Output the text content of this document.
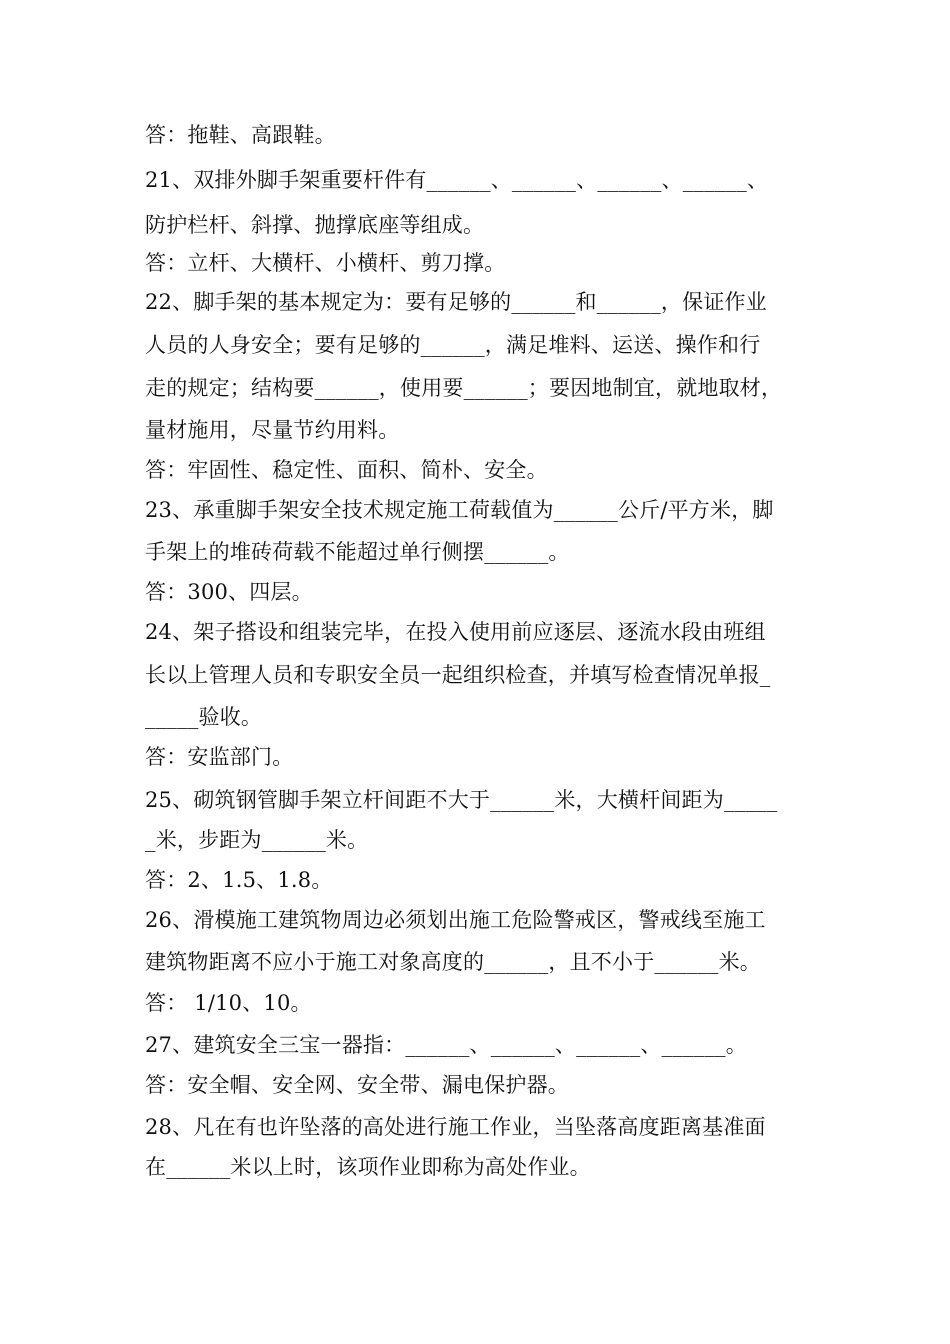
答：拖鞋、高跟鞋。
21、双排外脚手架重要杆件有______、______、______、______、
防护栏杆、斜撑、抛撑底座等组成。
答：立杆、大横杆、小横杆、剪刀撑。
22、脚手架的基本规定为：要有足够的______和______，保证作业
人员的人身安全；要有足够的______，满足堆料、运送、操作和行
走的规定；结构要______，使用要______；要因地制宜，就地取材，
量材施用，尽量节约用料。
答：牢固性、稳定性、面积、简朴、安全。
23、承重脚手架安全技术规定施工荷载值为______公斤/平方米，脚
手架上的堆砖荷载不能超过单行侧摆______。
答：300、四层。
24、架子搭设和组装完毕，在投入使用前应逐层、逐流水段由班组
长以上管理人员和专职安全员一起组织检查，并填写检查情况单报_
_____验收。
答：安监部门。
25、砌筑钢管脚手架立杆间距不大于______米，大横杆间距为_____
_米，步距为______米。
答：2、1.5、1.8。
26、滑模施工建筑物周边必须划出施工危险警戒区，警戒线至施工
建筑物距离不应小于施工对象高度的______，且不小于______米。
答： 1/10、10。
27、建筑安全三宝一器指：______、______、______、______。
答：安全帽、安全网、安全带、漏电保护器。
28、凡在有也许坠落的高处进行施工作业，当坠落高度距离基准面
在______米以上时，该项作业即称为高处作业。
